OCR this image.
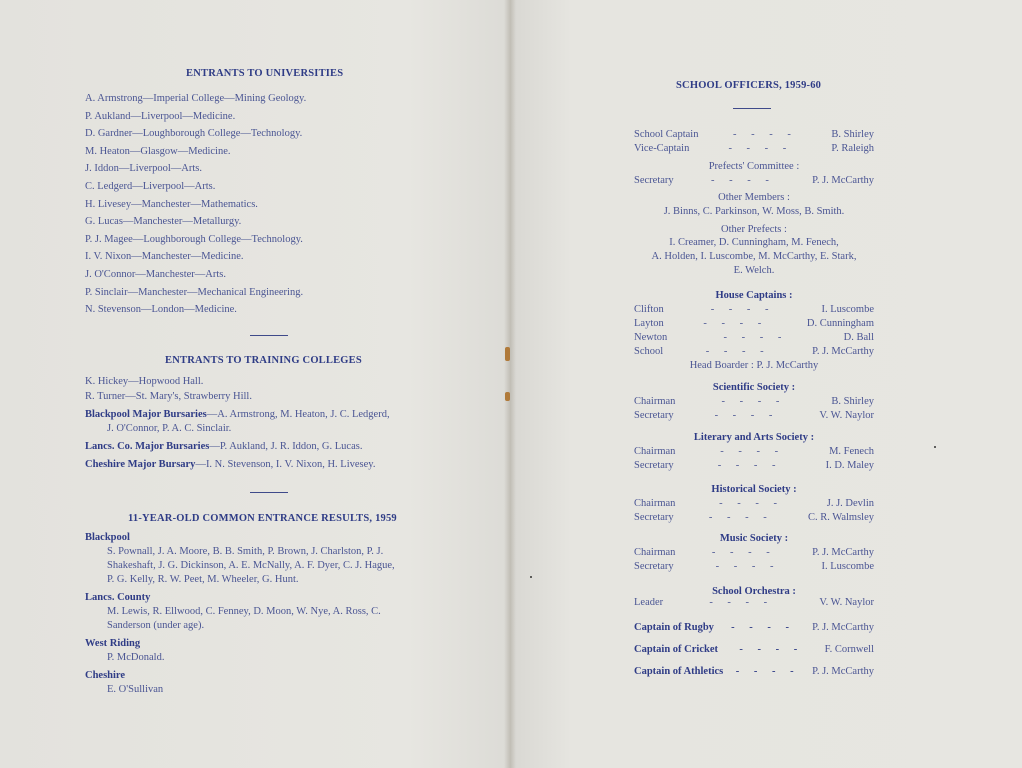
ENTRANTS TO UNIVERSITIES
A. Armstrong—Imperial College—Mining Geology.
P. Aukland—Liverpool—Medicine.
D. Gardner—Loughborough College—Technology.
M. Heaton—Glasgow—Medicine.
J. Iddon—Liverpool—Arts.
C. Ledgerd—Liverpool—Arts.
H. Livesey—Manchester—Mathematics.
G. Lucas—Manchester—Metallurgy.
P. J. Magee—Loughborough College—Technology.
I. V. Nixon—Manchester—Medicine.
J. O'Connor—Manchester—Arts.
P. Sinclair—Manchester—Mechanical Engineering.
N. Stevenson—London—Medicine.
ENTRANTS TO TRAINING COLLEGES
K. Hickey—Hopwood Hall.
R. Turner—St. Mary's, Strawberry Hill.
Blackpool Major Bursaries—A. Armstrong, M. Heaton, J. C. Ledgerd,
J. O'Connor, P. A. C. Sinclair.
Lancs. Co. Major Bursaries—P. Aukland, J. R. Iddon, G. Lucas.
Cheshire Major Bursary—I. N. Stevenson, I. V. Nixon, H. Livesey.
11-YEAR-OLD COMMON ENTRANCE RESULTS, 1959
Blackpool
S. Pownall, J. A. Moore, B. B. Smith, P. Brown, J. Charlston, P. J.
Shakeshaft, J. G. Dickinson, A. E. McNally, A. F. Dyer, C. J. Hague,
P. G. Kelly, R. W. Peet, M. Wheeler, G. Hunt.
Lancs. County
M. Lewis, R. Ellwood, C. Fenney, D. Moon, W. Nye, A. Ross, C.
Sanderson (under age).
West Riding
P. McDonald.
Cheshire
E. O'Sullivan
SCHOOL OFFICERS, 1959-60
School Captain	- - - -	B. Shirley
Vice-Captain	- - - -	P. Raleigh
Prefects' Committee :
Secretary	- - - -	P. J. McCarthy
Other Members :
J. Binns, C. Parkinson, W. Moss, B. Smith.
Other Prefects :
I. Creamer, D. Cunningham, M. Fenech,
A. Holden, I. Luscombe, M. McCarthy, E. Stark,
E. Welch.
House Captains :
Clifton	- - - -	I. Luscombe
Layton	- - - -	D. Cunningham
Newton	- - - -	D. Ball
School	- - - -	P. J. McCarthy
Head Boarder : P. J. McCarthy
Scientific Society :
Chairman	- - - -	B. Shirley
Secretary	- - - -	V. W. Naylor
Literary and Arts Society :
Chairman	- - - -	M. Fenech
Secretary	- - - -	I. D. Maley
Historical Society :
Chairman	- - - -	J. J. Devlin
Secretary	- - - -	C. R. Walmsley
Music Society :
Chairman	- - - -	P. J. McCarthy
Secretary	- - - -	I. Luscombe
School Orchestra :
Leader	- - - -	V. W. Naylor
Captain of Rugby	- - - -	P. J. McCarthy
Captain of Cricket	- - - -	F. Cornwell
Captain of Athletics	- - - -	P. J. McCarthy
